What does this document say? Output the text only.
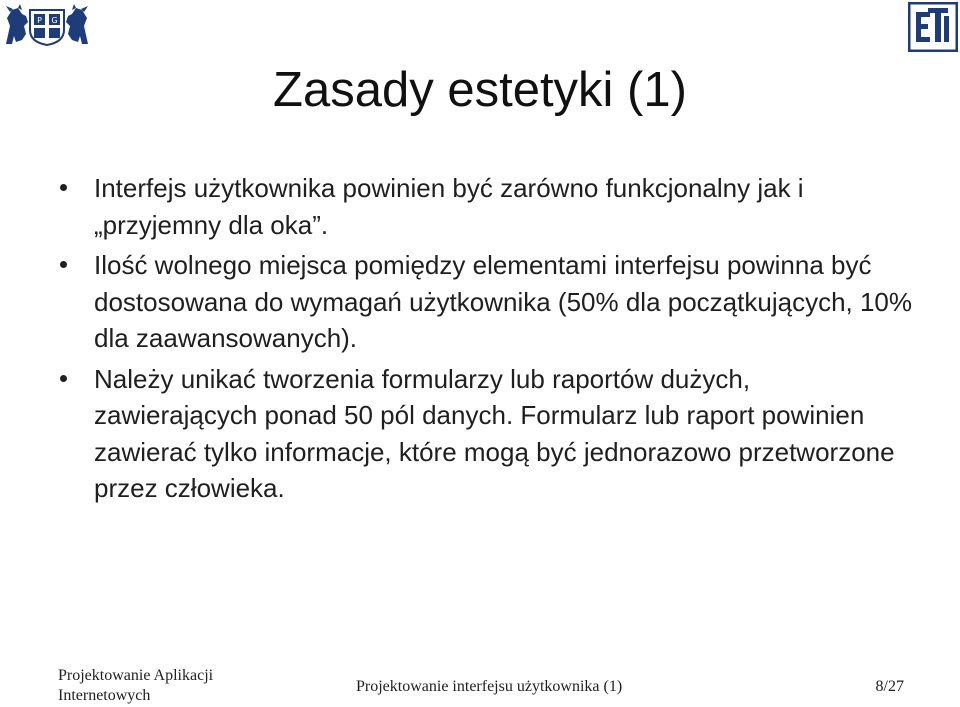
P G
Zasady estetyki (1)
Interfejs użytkownika powinien być zarówno funkcjonalny jak i „przyjemny dla oka”.
Ilość wolnego miejsca pomiędzy elementami interfejsu powinna być dostosowana do wymagań użytkownika (50% dla początkujących, 10% dla zaawansowanych).
Należy unikać tworzenia formularzy lub raportów dużych, zawierających ponad 50 pól danych. Formularz lub raport powinien zawierać tylko informacje, które mogą być jednorazowo przetworzone przez człowieka.
Projektowanie Aplikacji
Internetowych
Projektowanie interfejsu użytkownika (1)	8/27
